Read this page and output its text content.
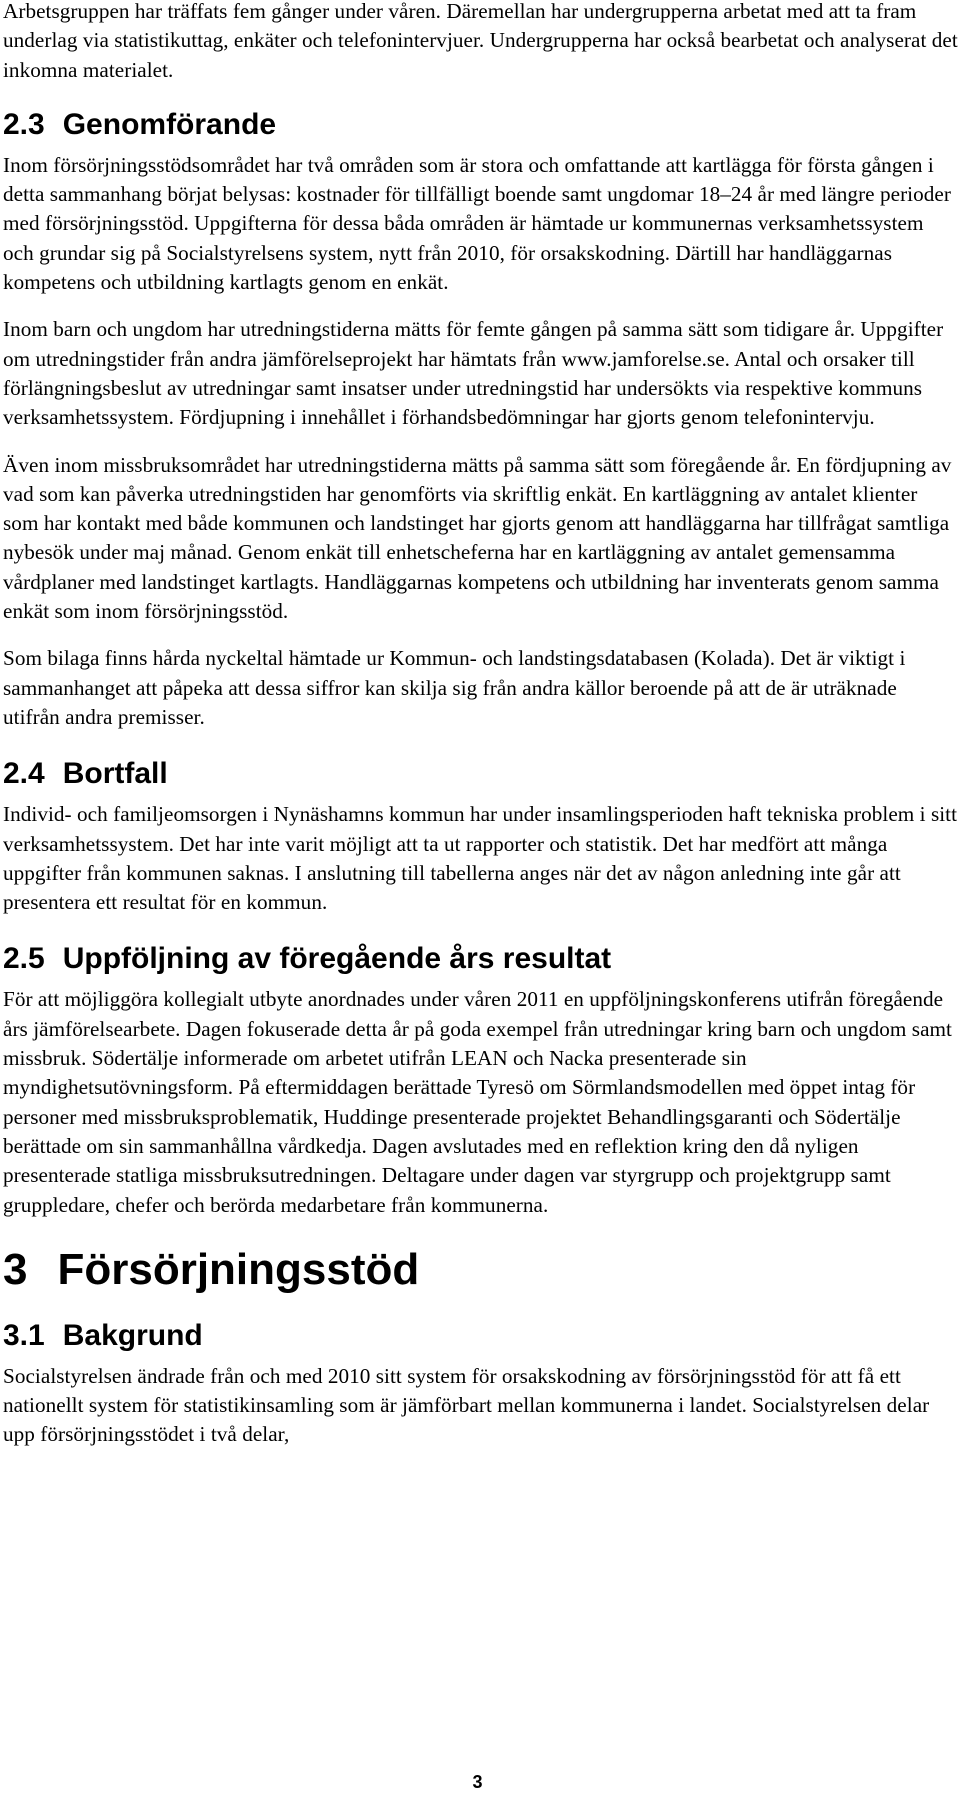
Arbetsgruppen har träffats fem gånger under våren. Däremellan har undergrupperna arbetat med att ta fram underlag via statistikuttag, enkäter och telefonintervjuer. Undergrupperna har också bearbetat och analyserat det inkomna materialet.

2.3 Genomförande

Inom försörjningsstödsområdet har två områden som är stora och omfattande att kartlägga för första gången i detta sammanhang börjat belysas: kostnader för tillfälligt boende samt ungdomar 18–24 år med längre perioder med försörjningsstöd. Uppgifterna för dessa båda områden är hämtade ur kommunernas verksamhetssystem och grundar sig på Socialstyrelsens system, nytt från 2010, för orsakskodning. Därtill har handläggarnas kompetens och utbildning kartlagts genom en enkät.

Inom barn och ungdom har utredningstiderna mätts för femte gången på samma sätt som tidigare år. Uppgifter om utredningstider från andra jämförelseprojekt har hämtats från www.jamforelse.se. Antal och orsaker till förlängningsbeslut av utredningar samt insatser under utredningstid har undersökts via respektive kommuns verksamhetssystem. Fördjupning i innehållet i förhandsbedömningar har gjorts genom telefonintervju.

Även inom missbruksområdet har utredningstiderna mätts på samma sätt som föregående år. En fördjupning av vad som kan påverka utredningstiden har genomförts via skriftlig enkät. En kartläggning av antalet klienter som har kontakt med både kommunen och landstinget har gjorts genom att handläggarna har tillfrågat samtliga nybesök under maj månad. Genom enkät till enhetscheferna har en kartläggning av antalet gemensamma vårdplaner med landstinget kartlagts. Handläggarnas kompetens och utbildning har inventerats genom samma enkät som inom försörjningsstöd.

Som bilaga finns hårda nyckeltal hämtade ur Kommun- och landstingsdatabasen (Kolada). Det är viktigt i sammanhanget att påpeka att dessa siffror kan skilja sig från andra källor beroende på att de är uträknade utifrån andra premisser.

2.4 Bortfall

Individ- och familjeomsorgen i Nynäshamns kommun har under insamlingsperioden haft tekniska problem i sitt verksamhetssystem. Det har inte varit möjligt att ta ut rapporter och statistik. Det har medfört att många uppgifter från kommunen saknas. I anslutning till tabellerna anges när det av någon anledning inte går att presentera ett resultat för en kommun.

2.5 Uppföljning av föregående års resultat

För att möjliggöra kollegialt utbyte anordnades under våren 2011 en uppföljningskonferens utifrån föregående års jämförelsearbete. Dagen fokuserade detta år på goda exempel från utredningar kring barn och ungdom samt missbruk. Södertälje informerade om arbetet utifrån LEAN och Nacka presenterade sin myndighetsutövningsform. På eftermiddagen berättade Tyresö om Sörmlandsmodellen med öppet intag för personer med missbruksproblematik, Huddinge presenterade projektet Behandlingsgaranti och Södertälje berättade om sin sammanhållna vårdkedja. Dagen avslutades med en reflektion kring den då nyligen presenterade statliga missbruksutredningen. Deltagare under dagen var styrgrupp och projektgrupp samt gruppledare, chefer och berörda medarbetare från kommunerna.

3 Försörjningsstöd
3.1 Bakgrund

Socialstyrelsen ändrade från och med 2010 sitt system för orsakskodning av försörjningsstöd för att få ett nationellt system för statistikinsamling som är jämförbart mellan kommunerna i landet. Socialstyrelsen delar upp försörjningsstödet i två delar,

3
